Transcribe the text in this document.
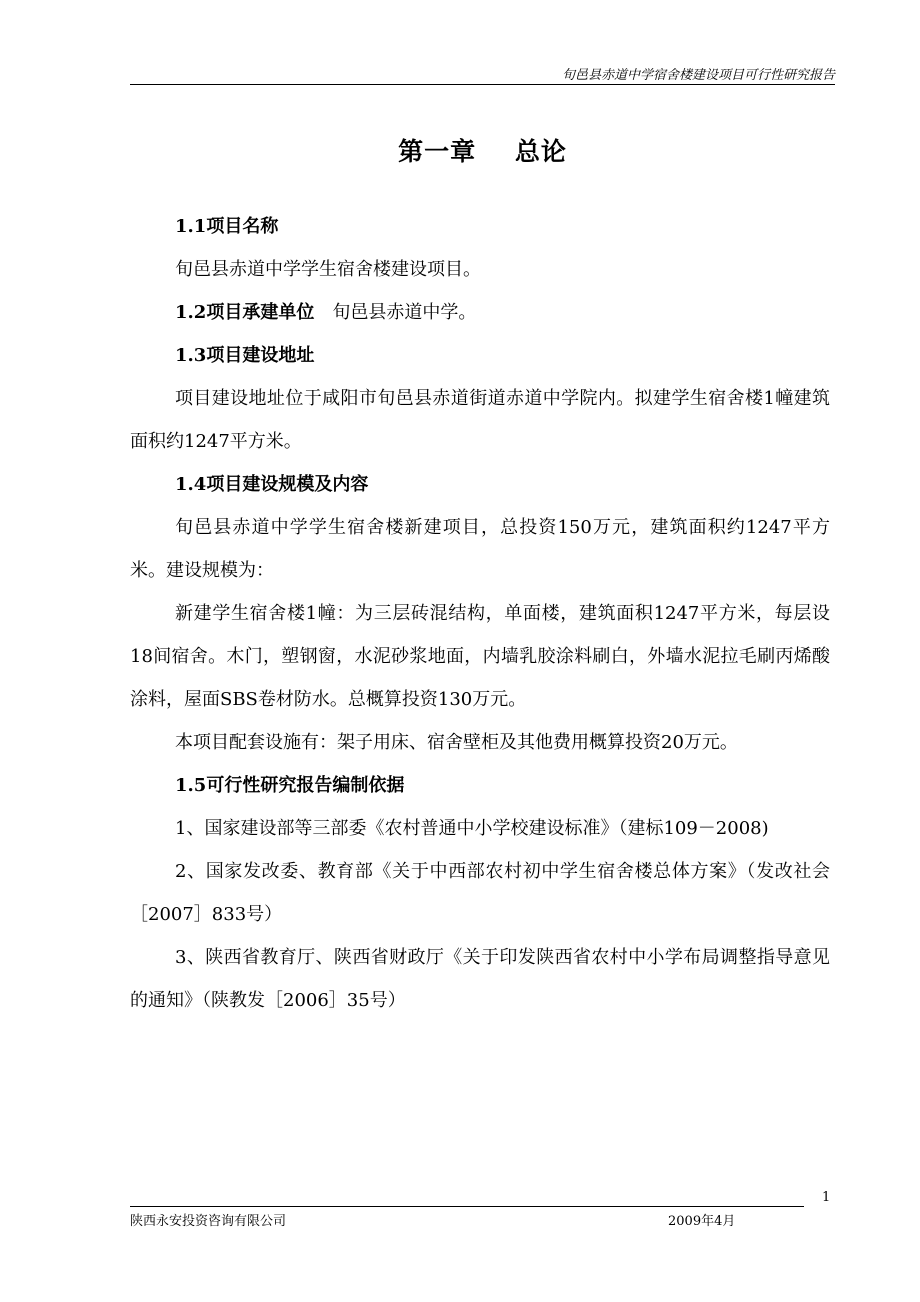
旬邑县赤道中学宿舍楼建设项目可行性研究报告
第一章    总论

1.1项目名称

旬邑县赤道中学学生宿舍楼建设项目。

1.2项目承建单位  旬邑县赤道中学。

1.3项目建设地址

项目建设地址位于咸阳市旬邑县赤道街道赤道中学院内。拟建学生宿舍楼1幢建筑面积约1247平方米。

1.4项目建设规模及内容

旬邑县赤道中学学生宿舍楼新建项目，总投资150万元，建筑面积约1247平方米。建设规模为：

新建学生宿舍楼1幢：为三层砖混结构，单面楼，建筑面积1247平方米，每层设18间宿舍。木门，塑钢窗，水泥砂浆地面，内墙乳胶涂料刷白，外墙水泥拉毛刷丙烯酸涂料，屋面SBS卷材防水。总概算投资130万元。

本项目配套设施有：架子用床、宿舍壁柜及其他费用概算投资20万元。

1.5可行性研究报告编制依据

1、国家建设部等三部委《农村普通中小学校建设标准》（建标109－2008)

2、国家发改委、教育部《关于中西部农村初中学生宿舍楼总体方案》（发改社会［2007］833号）

3、陕西省教育厅、陕西省财政厅《关于印发陕西省农村中小学布局调整指导意见的通知》（陕教发［2006］35号）

1
陕西永安投资咨询有限公司	2009年4月
